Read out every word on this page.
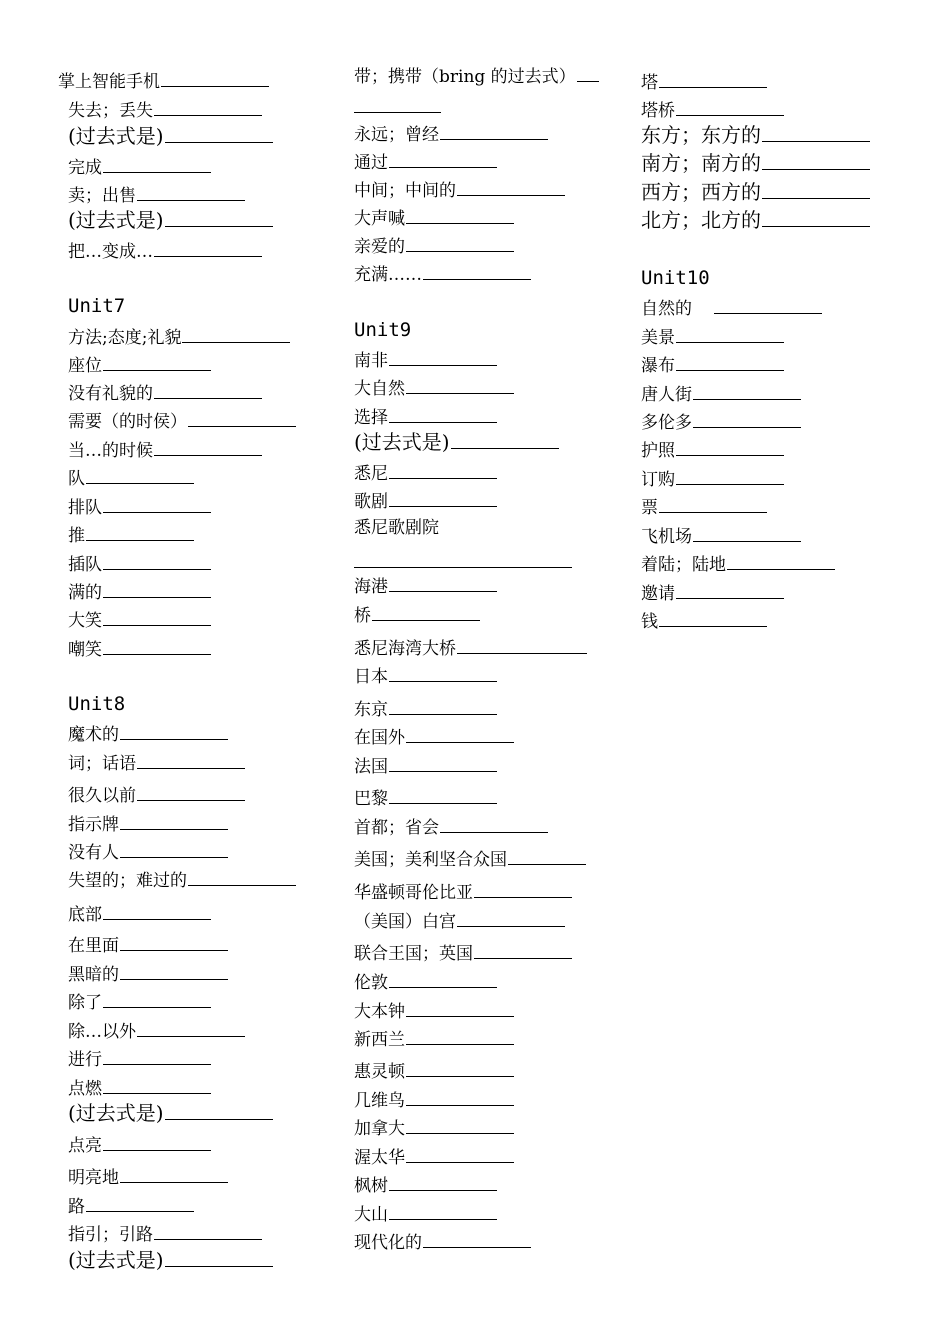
掌上智能手机
失去；丢失
(过去式是)
完成
卖；出售
(过去式是)
把…变成…
Unit7
方法;态度;礼貌
座位
没有礼貌的
需要（的时侯）
当…的时候
队
排队
推
插队
满的
大笑
嘲笑
Unit8
魔术的
词；话语
很久以前
指示牌
没有人
失望的；难过的
底部
在里面
黑暗的
除了
除…以外
进行
点燃
(过去式是)
点亮
明亮地
路
指引；引路
(过去式是)
带；携带（bring 的过去式）
永远；曾经
通过
中间；中间的
大声喊
亲爱的
充满……
Unit9
南非
大自然
选择
(过去式是)
悉尼
歌剧
悉尼歌剧院
海港
桥
悉尼海湾大桥
日本
东京
在国外
法国
巴黎
首都；省会
美国；美利坚合众国
华盛顿哥伦比亚
（美国）白宫
联合王国；英国
伦敦
大本钟
新西兰
惠灵顿
几维鸟
加拿大
渥太华
枫树
大山
现代化的
塔
塔桥
东方；东方的
南方；南方的
西方；西方的
北方；北方的
Unit10
自然的
美景
瀑布
唐人街
多伦多
护照
订购
票
飞机场
着陆；陆地
邀请
钱
